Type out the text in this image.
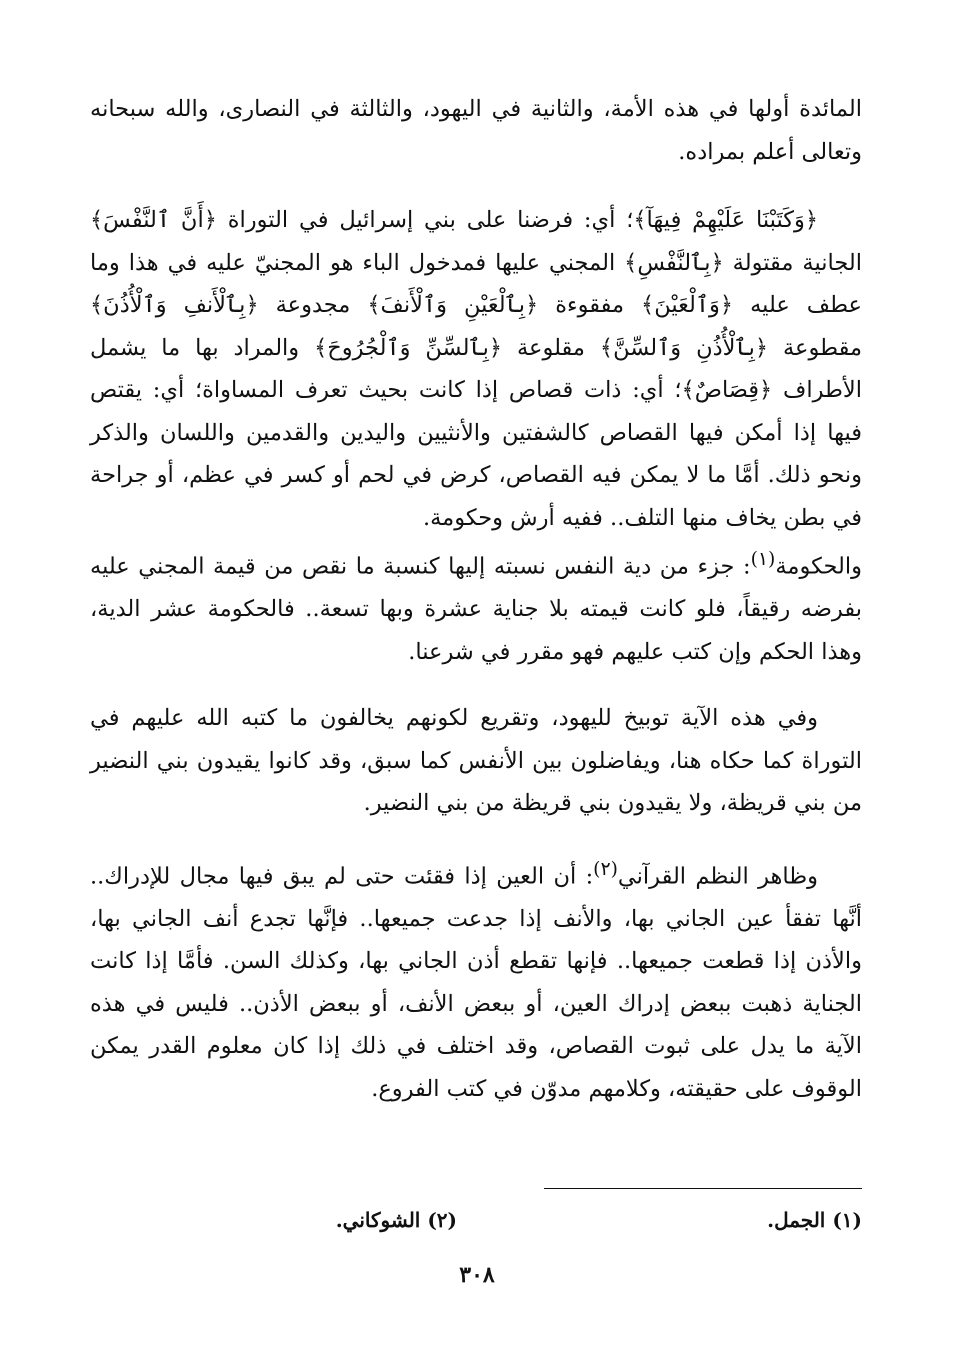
المائدة أولها في هذه الأمة، والثانية في اليهود، والثالثة في النصارى، والله سبحانه وتعالى أعلم بمراده.

﴿وَكَتَبْنَا عَلَيْهِمْ فِيهَآ﴾؛ أي: فرضنا على بني إسرائيل في التوراة ﴿أَنَّ ٱلنَّفْسَ﴾ الجانية مقتولة ﴿بِٱلنَّفْسِ﴾ المجني عليها فمدخول الباء هو المجنيّ عليه في هذا وما عطف عليه ﴿وَٱلْعَيْنَ﴾ مفقوءة ﴿بِٱلْعَيْنِ وَٱلْأَنفَ﴾ مجدوعة ﴿بِٱلْأَنفِ وَٱلْأُذُنَ﴾ مقطوعة ﴿بِٱلْأُذُنِ وَٱلسِّنَّ﴾ مقلوعة ﴿بِٱلسِّنِّ وَٱلْجُرُوحَ﴾ والمراد بها ما يشمل الأطراف ﴿قِصَاصٌ﴾؛ أي: ذات قصاص إذا كانت بحيث تعرف المساواة؛ أي: يقتص فيها إذا أمكن فيها القصاص كالشفتين والأنثيين واليدين والقدمين واللسان والذكر ونحو ذلك. أمَّا ما لا يمكن فيه القصاص، كرض في لحم أو كسر في عظم، أو جراحة في بطن يخاف منها التلف.. ففيه أرش وحكومة.

والحكومة$^{(١)}$: جزء من دية النفس نسبته إليها كنسبة ما نقص من قيمة المجني عليه بفرضه رقيقاً، فلو كانت قيمته بلا جناية عشرة وبها تسعة.. فالحكومة عشر الدية، وهذا الحكم وإن كتب عليهم فهو مقرر في شرعنا.

وفي هذه الآية توبيخ لليهود، وتقريع لكونهم يخالفون ما كتبه الله عليهم في التوراة كما حكاه هنا، ويفاضلون بين الأنفس كما سبق، وقد كانوا يقيدون بني النضير من بني قريظة، ولا يقيدون بني قريظة من بني النضير.

وظاهر النظم القرآني$^{(٢)}$: أن العين إذا فقئت حتى لم يبق فيها مجال للإدراك.. أنَّها تفقأ عين الجاني بها، والأنف إذا جدعت جميعها.. فإنَّها تجدع أنف الجاني بها، والأذن إذا قطعت جميعها.. فإنها تقطع أذن الجاني بها، وكذلك السن. فأمَّا إذا كانت الجناية ذهبت ببعض إدراك العين، أو ببعض الأنف، أو ببعض الأذن.. فليس في هذه الآية ما يدل على ثبوت القصاص، وقد اختلف في ذلك إذا كان معلوم القدر يمكن الوقوف على حقيقته، وكلامهم مدوّن في كتب الفروع.

(١) الجمل.
(٢) الشوكاني.
٣٠٨
